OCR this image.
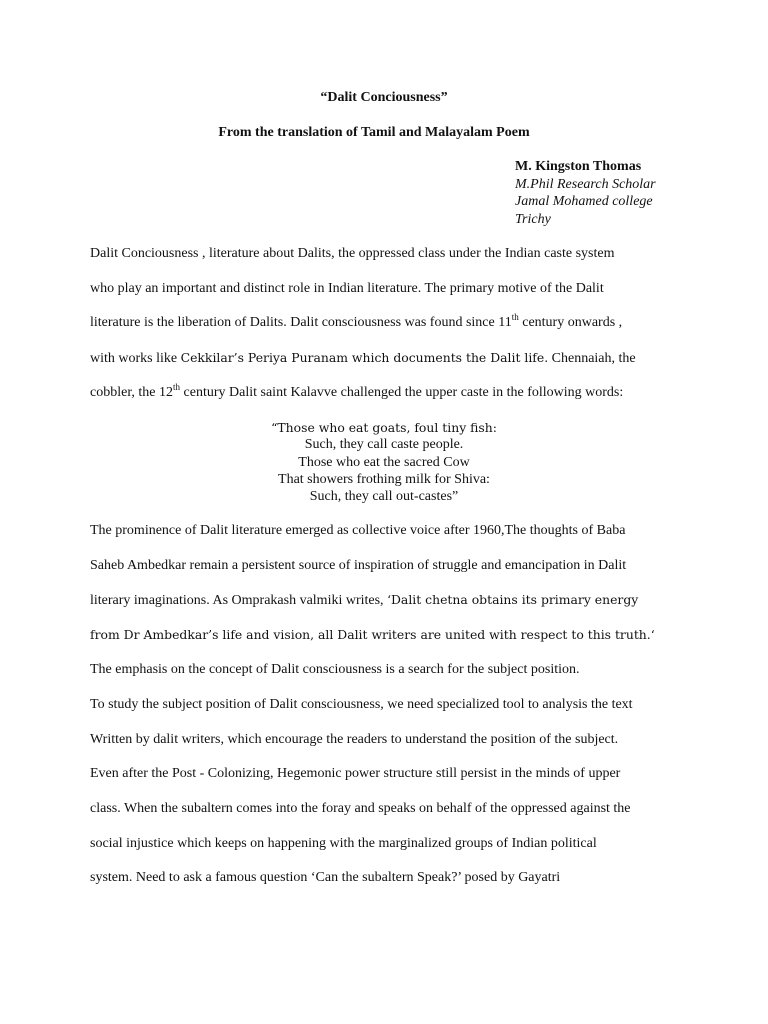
“Dalit Conciousness”
From the translation of Tamil and Malayalam Poem
M. Kingston Thomas
M.Phil Research Scholar
Jamal Mohamed college
Trichy
Dalit Conciousness , literature about Dalits, the oppressed class under the Indian caste system
who play an important and distinct role in Indian literature. The primary motive of the Dalit
literature is the liberation of Dalits. Dalit consciousness was found since 11th century onwards ,
with works like Cekkilar’s Periya Puranam which documents the Dalit life. Chennaiah, the
cobbler, the 12th century Dalit saint Kalavve challenged the upper caste in the following words:
“Those who eat goats, foul tiny fish:
Such, they call caste people.
Those who eat the sacred Cow
That showers frothing milk for Shiva:
Such, they call out-castes”
The prominence of Dalit literature emerged as collective voice after 1960,The thoughts of Baba
Saheb Ambedkar remain a persistent source of inspiration of struggle and emancipation in Dalit
literary imaginations. As Omprakash valmiki writes, ‘Dalit chetna obtains its primary energy
from Dr Ambedkar’s life and vision, all Dalit writers are united with respect to this truth.‘
The emphasis on the concept of Dalit consciousness is a search for the subject position.
To study the subject position of Dalit consciousness, we need specialized tool to analysis the text
Written by dalit writers, which encourage the readers to understand the position of the subject.
Even after the Post - Colonizing, Hegemonic power structure still persist in the minds of upper
class. When the subaltern comes into the foray and speaks on behalf of the oppressed against the
social injustice which keeps on happening with the marginalized groups of Indian political
system. Need to ask a famous question ‘Can the subaltern Speak?’ posed by Gayatri
